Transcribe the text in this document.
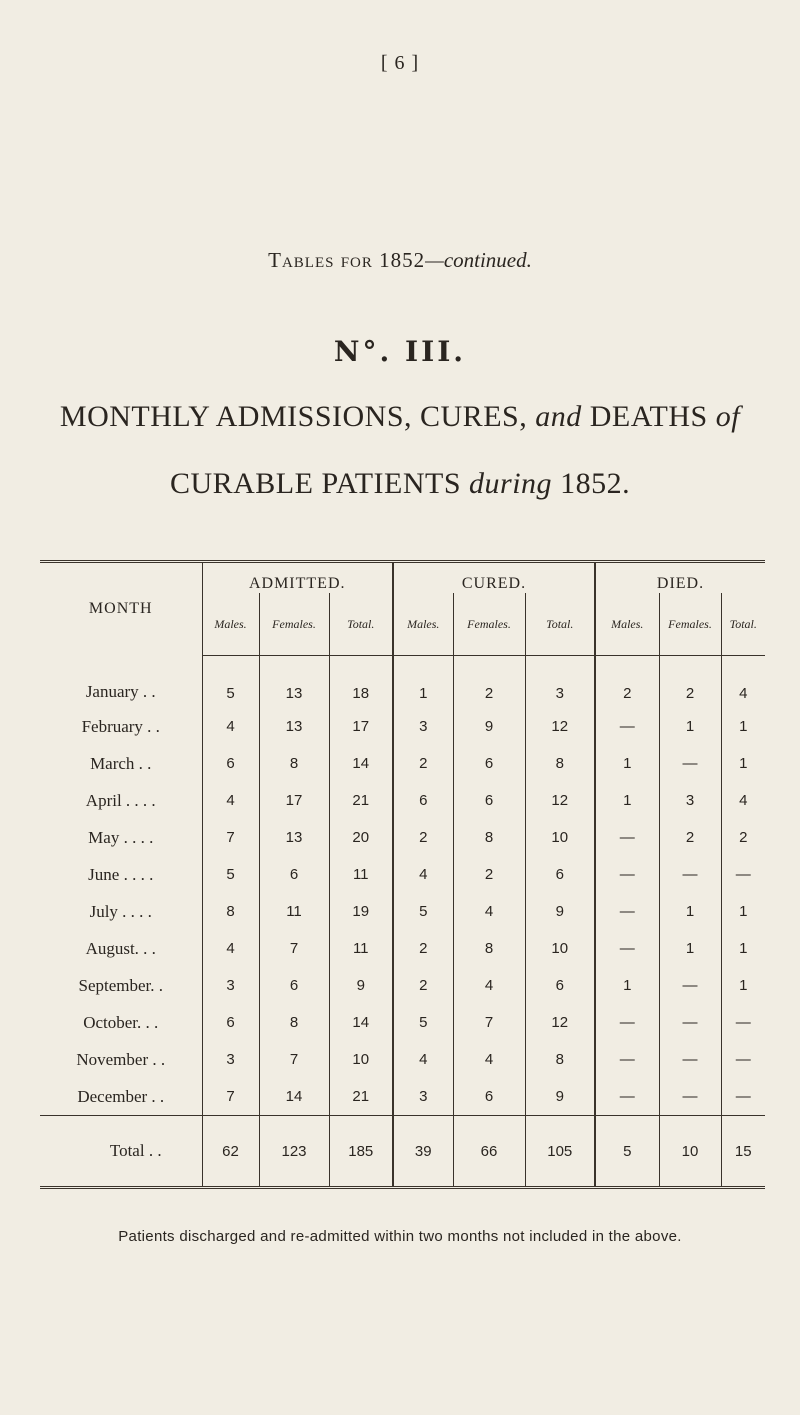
[ 6 ]
Tables for 1852—continued.
N°. III.
MONTHLY ADMISSIONS, CURES, and DEATHS of
CURABLE PATIENTS during 1852.
MONTH	ADMITTED.			CURED.			DIED.		
	Males.	Females.	Total.	Males.	Females.	Total.	Males.	Females.	Total.
January . .	5	13	18	1	2	3	2	2	4
February . .	4	13	17	3	9	12	—	1	1
March . .	6	8	14	2	6	8	1	—	1
April . . . .	4	17	21	6	6	12	1	3	4
May . . . .	7	13	20	2	8	10	—	2	2
June . . . .	5	6	11	4	2	6	—	—	—
July . . . .	8	11	19	5	4	9	—	1	1
August. . .	4	7	11	2	8	10	—	1	1
September. .	3	6	9	2	4	6	1	—	1
October. . .	6	8	14	5	7	12	—	—	—
November . .	3	7	10	4	4	8	—	—	—
December . .	7	14	21	3	6	9	—	—	—
Total . .	62	123	185	39	66	105	5	10	15
Patients discharged and re-admitted within two months not included in the above.
